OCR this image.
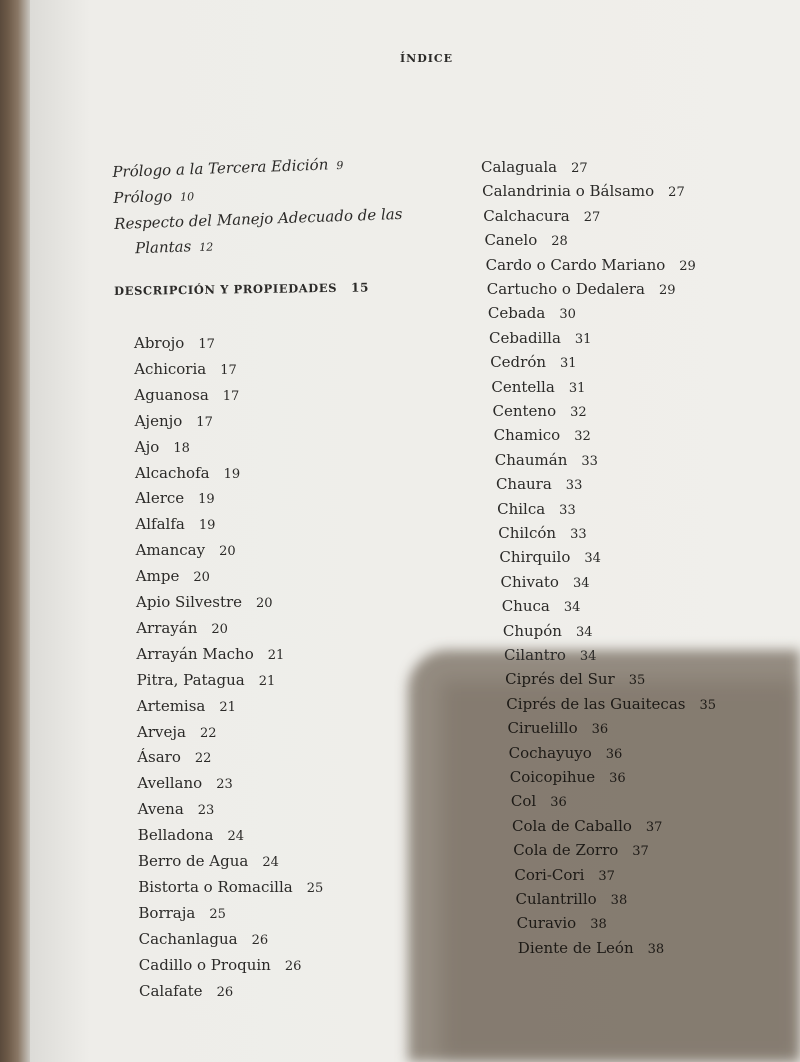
ÍNDICE
Prólogo a la Tercera Edición 9
Prólogo 10
Respecto del Manejo Adecuado de las
Plantas 12
DESCRIPCIÓN Y PROPIEDADES 15
Abrojo 17
Achicoria 17
Aguanosa 17
Ajenjo 17
Ajo 18
Alcachofa 19
Alerce 19
Alfalfa 19
Amancay 20
Ampe 20
Apio Silvestre 20
Arrayán 20
Arrayán Macho 21
Pitra, Patagua 21
Artemisa 21
Arveja 22
Ásaro 22
Avellano 23
Avena 23
Belladona 24
Berro de Agua 24
Bistorta o Romacilla 25
Borraja 25
Cachanlagua 26
Cadillo o Proquin 26
Calafate 26
Calaguala 27
Calandrinia o Bálsamo 27
Calchacura 27
Canelo 28
Cardo o Cardo Mariano 29
Cartucho o Dedalera 29
Cebada 30
Cebadilla 31
Cedrón 31
Centella 31
Centeno 32
Chamico 32
Chaumán 33
Chaura 33
Chilca 33
Chilcón 33
Chirquilo 34
Chivato 34
Chuca 34
Chupón 34
Cilantro 34
Ciprés del Sur 35
Ciprés de las Guaitecas 35
Ciruelillo 36
Cochayuyo 36
Coicopihue 36
Col 36
Cola de Caballo 37
Cola de Zorro 37
Cori-Cori 37
Culantrillo 38
Curavio 38
Diente de León 38
